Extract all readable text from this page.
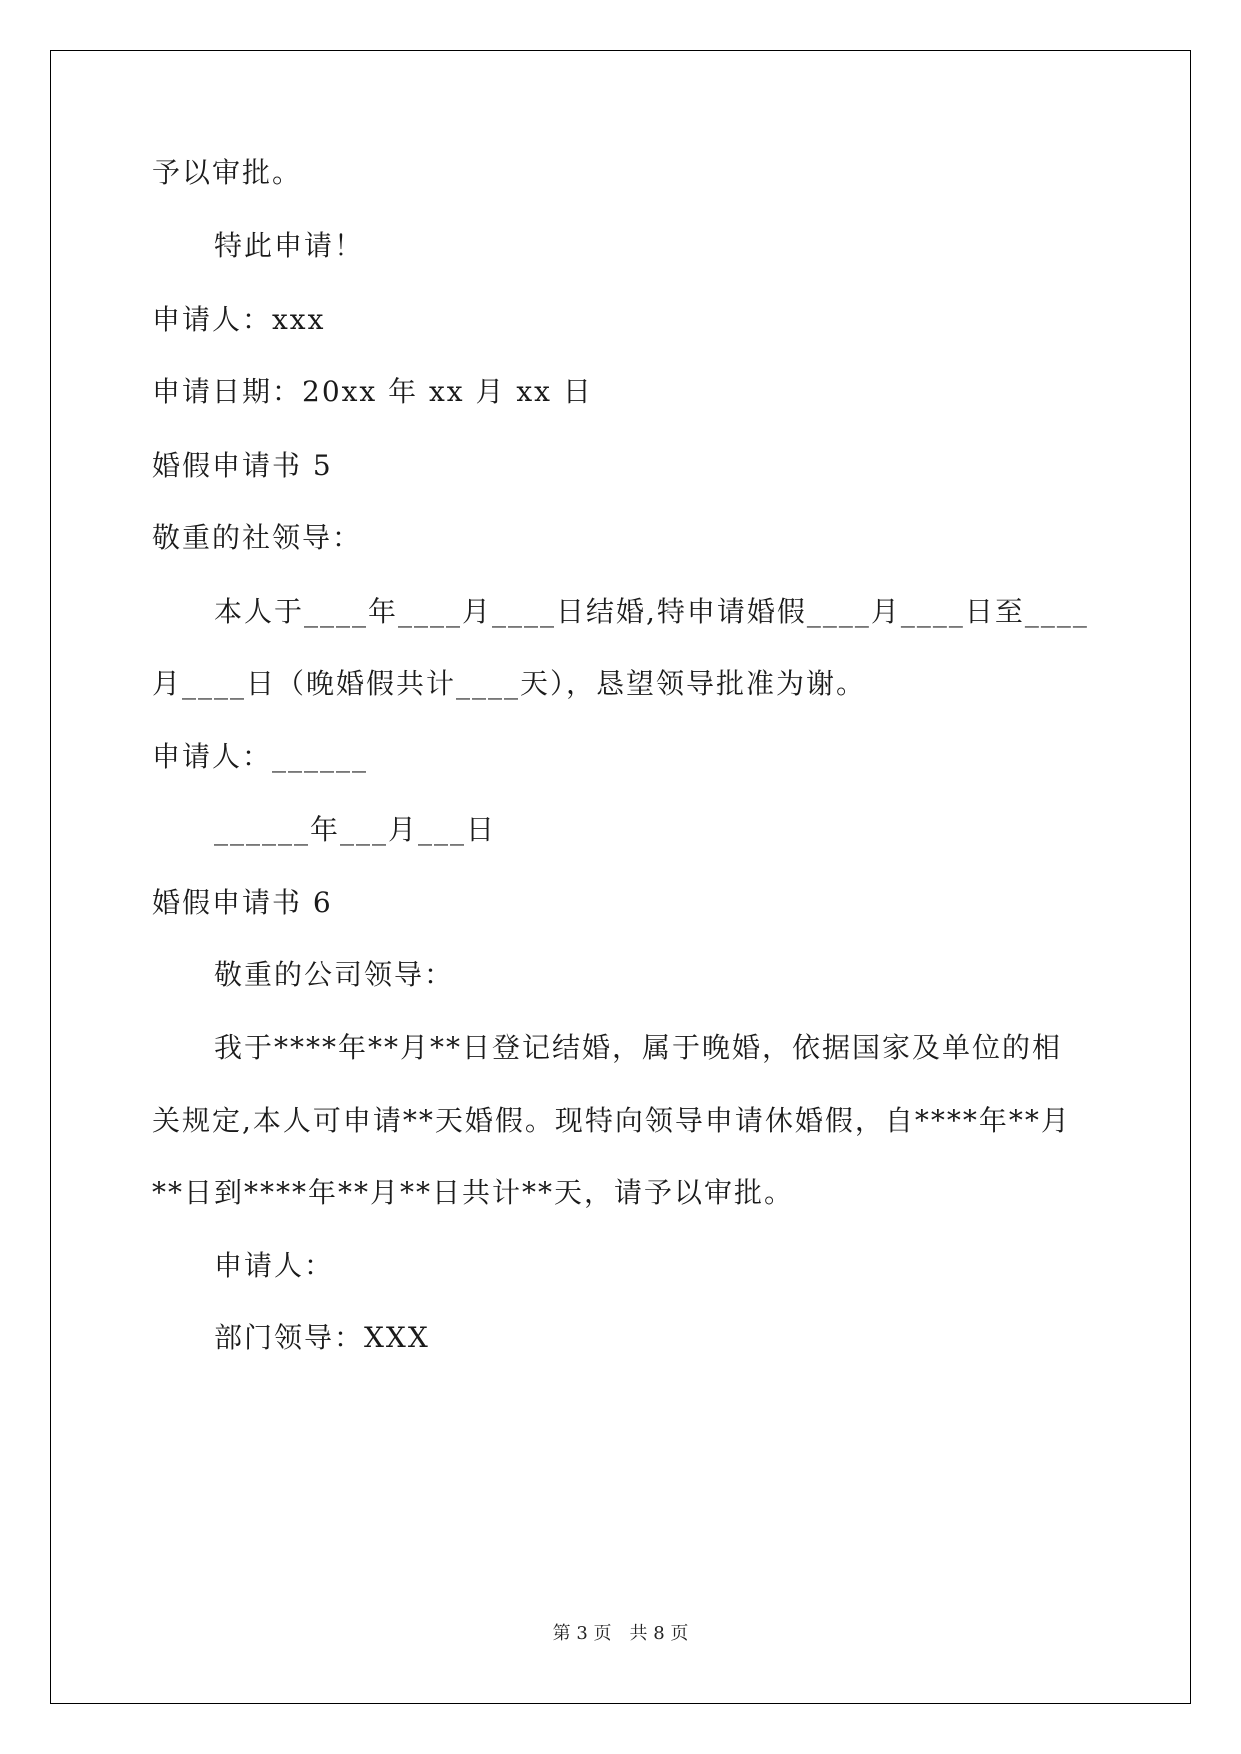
予以审批。
特此申请！
申请人：xxx
申请日期：20xx 年 xx 月 xx 日
婚假申请书 5
敬重的社领导：
本人于____年____月____日结婚,特申请婚假____月____日至____
月____日（晚婚假共计____天），恳望领导批准为谢。
申请人：______
______年___月___日
婚假申请书 6
敬重的公司领导：
我于****年**月**日登记结婚，属于晚婚，依据国家及单位的相
关规定,本人可申请**天婚假。现特向领导申请休婚假，自****年**月
**日到****年**月**日共计**天，请予以审批。
申请人：
部门领导：XXX
第 3 页　共 8 页
